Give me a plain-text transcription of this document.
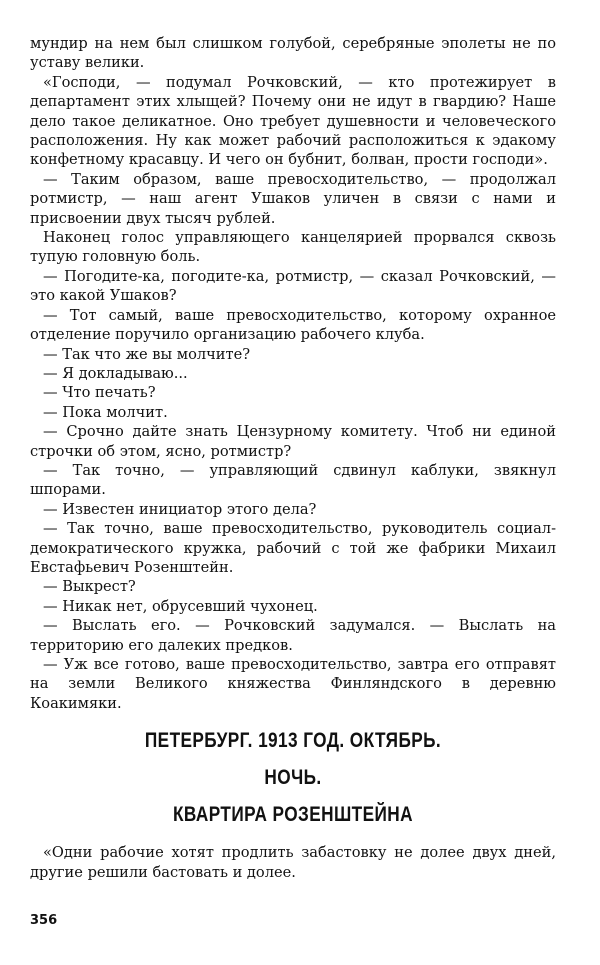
мундир на нем был слишком голубой, серебряные эполеты не по уставу велики.

«Господи, — подумал Рочковский, — кто протежирует в департамент этих хлыщей? Почему они не идут в гвардию? Наше дело такое деликатное. Оно требует душевности и человеческого расположения. Ну как может рабочий расположиться к эдакому конфетному красавцу. И чего он бубнит, болван, прости господи».

— Таким образом, ваше превосходительство, — продолжал ротмистр, — наш агент Ушаков уличен в связи с нами и присвоении двух тысяч рублей.

Наконец голос управляющего канцелярией прорвался сквозь тупую головную боль.

— Погодите-ка, погодите-ка, ротмистр, — сказал Рочковский, — это какой Ушаков?

— Тот самый, ваше превосходительство, которому охранное отделение поручило организацию рабочего клуба.

— Так что же вы молчите?

— Я докладываю...

— Что печать?

— Пока молчит.

— Срочно дайте знать Цензурному комитету. Чтоб ни единой строчки об этом, ясно, ротмистр?

— Так точно, — управляющий сдвинул каблуки, звякнул шпорами.

— Известен инициатор этого дела?

— Так точно, ваше превосходительство, руководитель социал-демократического кружка, рабочий с той же фабрики Михаил Евстафьевич Розенштейн.

— Выкрест?

— Никак нет, обрусевший чухонец.

— Выслать его. — Рочковский задумался. — Выслать на территорию его далеких предков.

— Уж все готово, ваше превосходительство, завтра его отправят на земли Великого княжества Финляндского в деревню Коакимяки.

ПЕТЕРБУРГ. 1913 ГОД. ОКТЯБРЬ.
НОЧЬ.
КВАРТИРА РОЗЕНШТЕЙНА

«Одни рабочие хотят продлить забастовку не долее двух дней, другие решили бастовать и долее.

356
